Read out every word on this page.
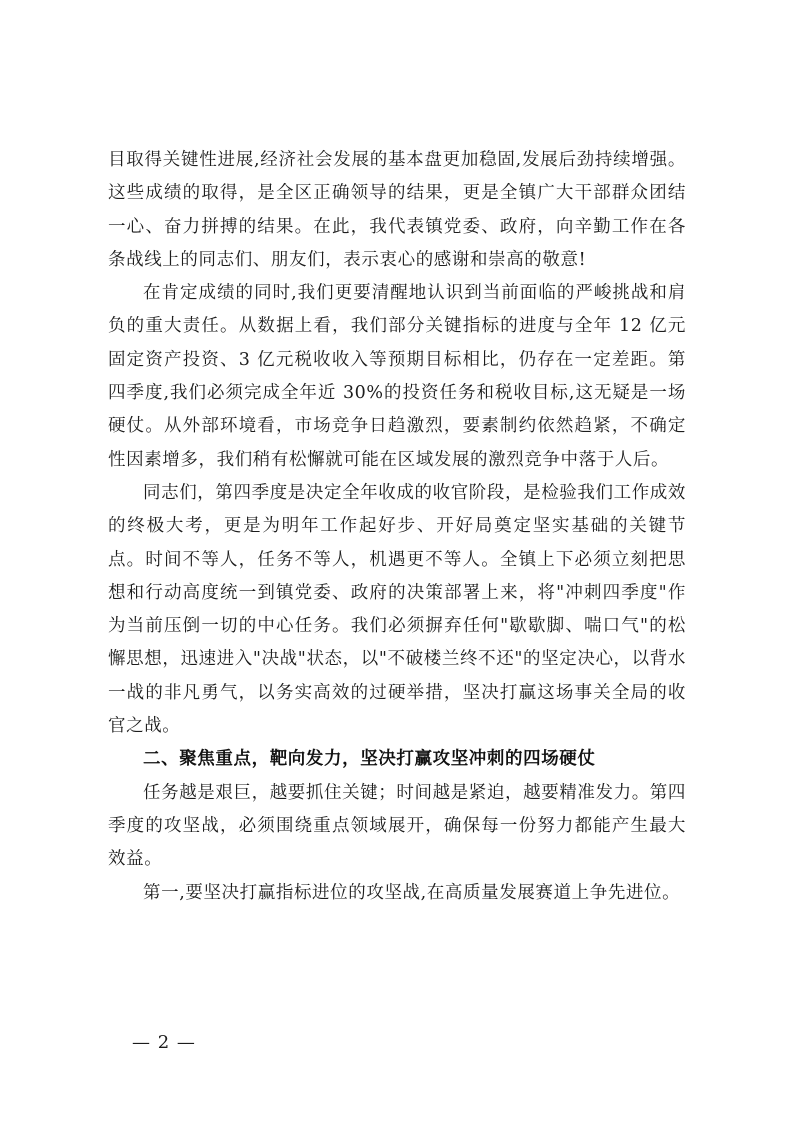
目取得关键性进展,经济社会发展的基本盘更加稳固,发展后劲持续增强。这些成绩的取得，是全区正确领导的结果，更是全镇广大干部群众团结一心、奋力拼搏的结果。在此，我代表镇党委、政府，向辛勤工作在各条战线上的同志们、朋友们，表示衷心的感谢和崇高的敬意!

在肯定成绩的同时,我们更要清醒地认识到当前面临的严峻挑战和肩负的重大责任。从数据上看，我们部分关键指标的进度与全年 12 亿元固定资产投资、3 亿元税收收入等预期目标相比，仍存在一定差距。第四季度,我们必须完成全年近 30%的投资任务和税收目标,这无疑是一场硬仗。从外部环境看，市场竞争日趋激烈，要素制约依然趋紧，不确定性因素增多，我们稍有松懈就可能在区域发展的激烈竞争中落于人后。

同志们，第四季度是决定全年收成的收官阶段，是检验我们工作成效的终极大考，更是为明年工作起好步、开好局奠定坚实基础的关键节点。时间不等人，任务不等人，机遇更不等人。全镇上下必须立刻把思想和行动高度统一到镇党委、政府的决策部署上来，将"冲刺四季度"作为当前压倒一切的中心任务。我们必须摒弃任何"歇歇脚、喘口气"的松懈思想，迅速进入"决战"状态，以"不破楼兰终不还"的坚定决心，以背水一战的非凡勇气，以务实高效的过硬举措，坚决打赢这场事关全局的收官之战。

二、聚焦重点，靶向发力，坚决打赢攻坚冲刺的四场硬仗

任务越是艰巨，越要抓住关键；时间越是紧迫，越要精准发力。第四季度的攻坚战，必须围绕重点领域展开，确保每一份努力都能产生最大效益。

第一,要坚决打赢指标进位的攻坚战,在高质量发展赛道上争先进位。

— 2 —
